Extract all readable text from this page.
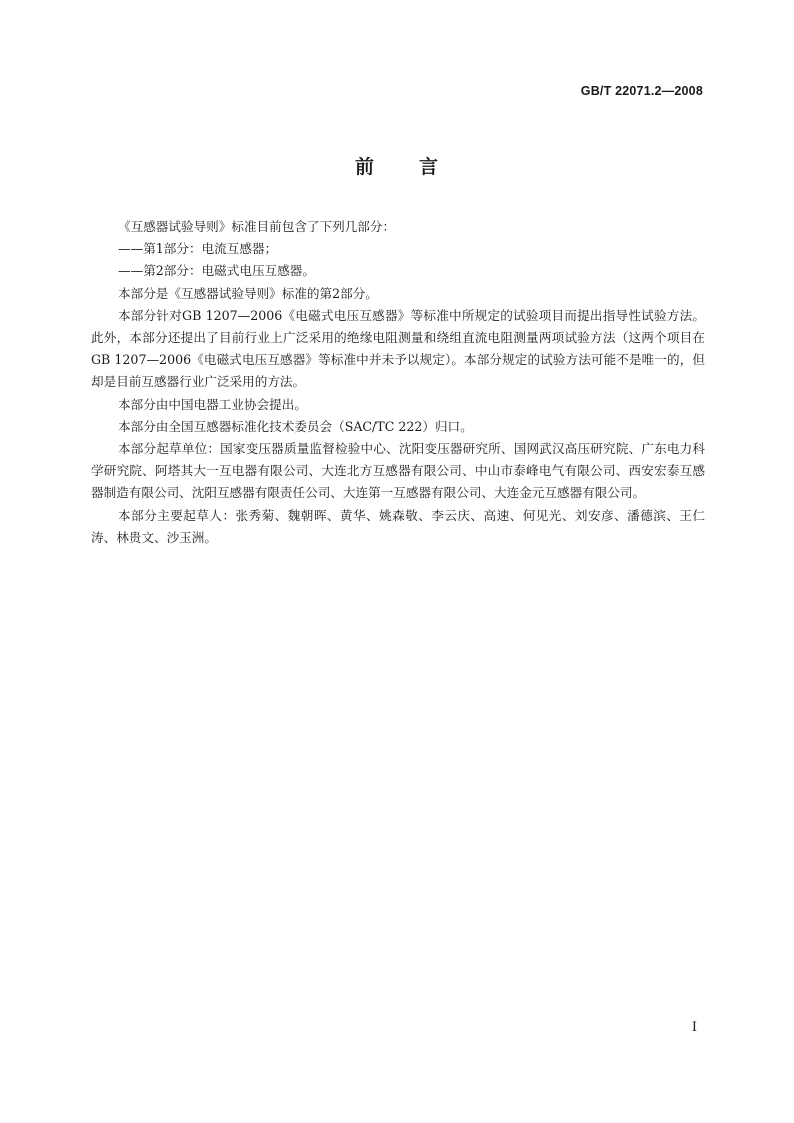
GB/T 22071.2—2008
前 言

《互感器试验导则》标准目前包含了下列几部分：

——第1部分：电流互感器；

——第2部分：电磁式电压互感器。

本部分是《互感器试验导则》标准的第2部分。

本部分针对GB 1207—2006《电磁式电压互感器》等标准中所规定的试验项目而提出指导性试验方法。此外，本部分还提出了目前行业上广泛采用的绝缘电阻测量和绕组直流电阻测量两项试验方法（这两个项目在GB 1207—2006《电磁式电压互感器》等标准中并未予以规定）。本部分规定的试验方法可能不是唯一的，但却是目前互感器行业广泛采用的方法。

本部分由中国电器工业协会提出。

本部分由全国互感器标准化技术委员会（SAC/TC 222）归口。

本部分起草单位：国家变压器质量监督检验中心、沈阳变压器研究所、国网武汉高压研究院、广东电力科学研究院、阿塔其大一互电器有限公司、大连北方互感器有限公司、中山市泰峰电气有限公司、西安宏泰互感器制造有限公司、沈阳互感器有限责任公司、大连第一互感器有限公司、大连金元互感器有限公司。

本部分主要起草人：张秀菊、魏朝晖、黄华、姚森敬、李云庆、高速、何见光、刘安彦、潘德滨、王仁涛、林贵文、沙玉洲。

I
